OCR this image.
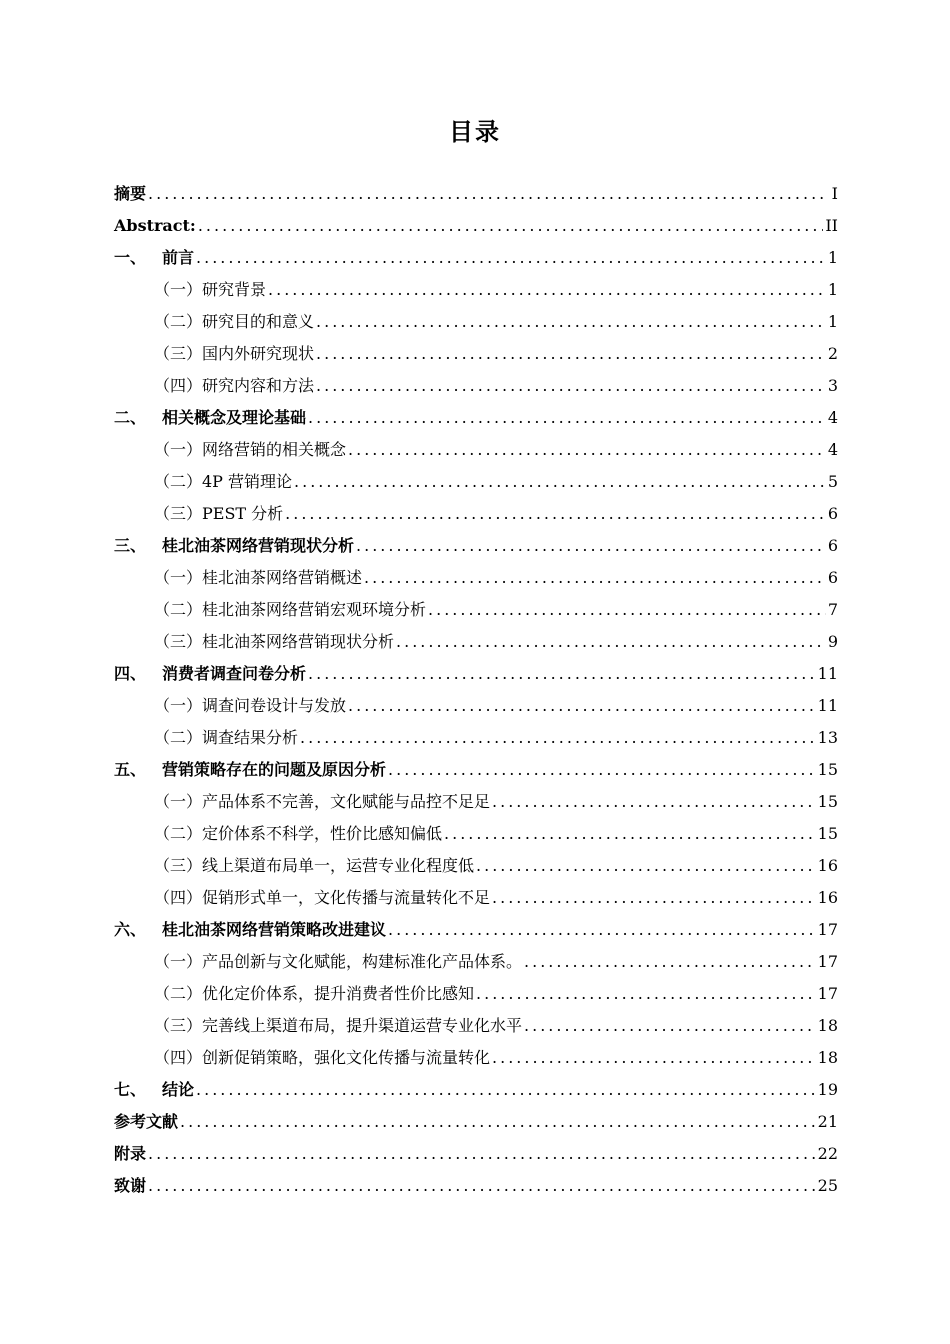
目录
摘要 .....	I
Abstract: .....	II
一、 前言 .....	1
（一）研究背景 .....	1
（二）研究目的和意义 .....	1
（三）国内外研究现状 .....	2
（四）研究内容和方法 .....	3
二、 相关概念及理论基础 .....	4
（一）网络营销的相关概念 .....	4
（二）4P 营销理论 .....	5
（三）PEST 分析 .....	6
三、 桂北油茶网络营销现状分析 .....	6
（一）桂北油茶网络营销概述 .....	6
（二）桂北油茶网络营销宏观环境分析 .....	7
（三）桂北油茶网络营销现状分析 .....	9
四、 消费者调查问卷分析 .....	11
（一）调查问卷设计与发放 .....	11
（二）调查结果分析 .....	13
五、 营销策略存在的问题及原因分析 .....	15
（一）产品体系不完善，文化赋能与品控不足足 .....	15
（二）定价体系不科学，性价比感知偏低 .....	15
（三）线上渠道布局单一，运营专业化程度低 .....	16
（四）促销形式单一，文化传播与流量转化不足 .....	16
六、 桂北油茶网络营销策略改进建议 .....	17
（一）产品创新与文化赋能，构建标准化产品体系。 .....	17
（二）优化定价体系，提升消费者性价比感知 .....	17
（三）完善线上渠道布局，提升渠道运营专业化水平 .....	18
（四）创新促销策略，强化文化传播与流量转化 .....	18
七、 结论 .....	19
参考文献 .....	21
附录 .....	22
致谢 .....	25
